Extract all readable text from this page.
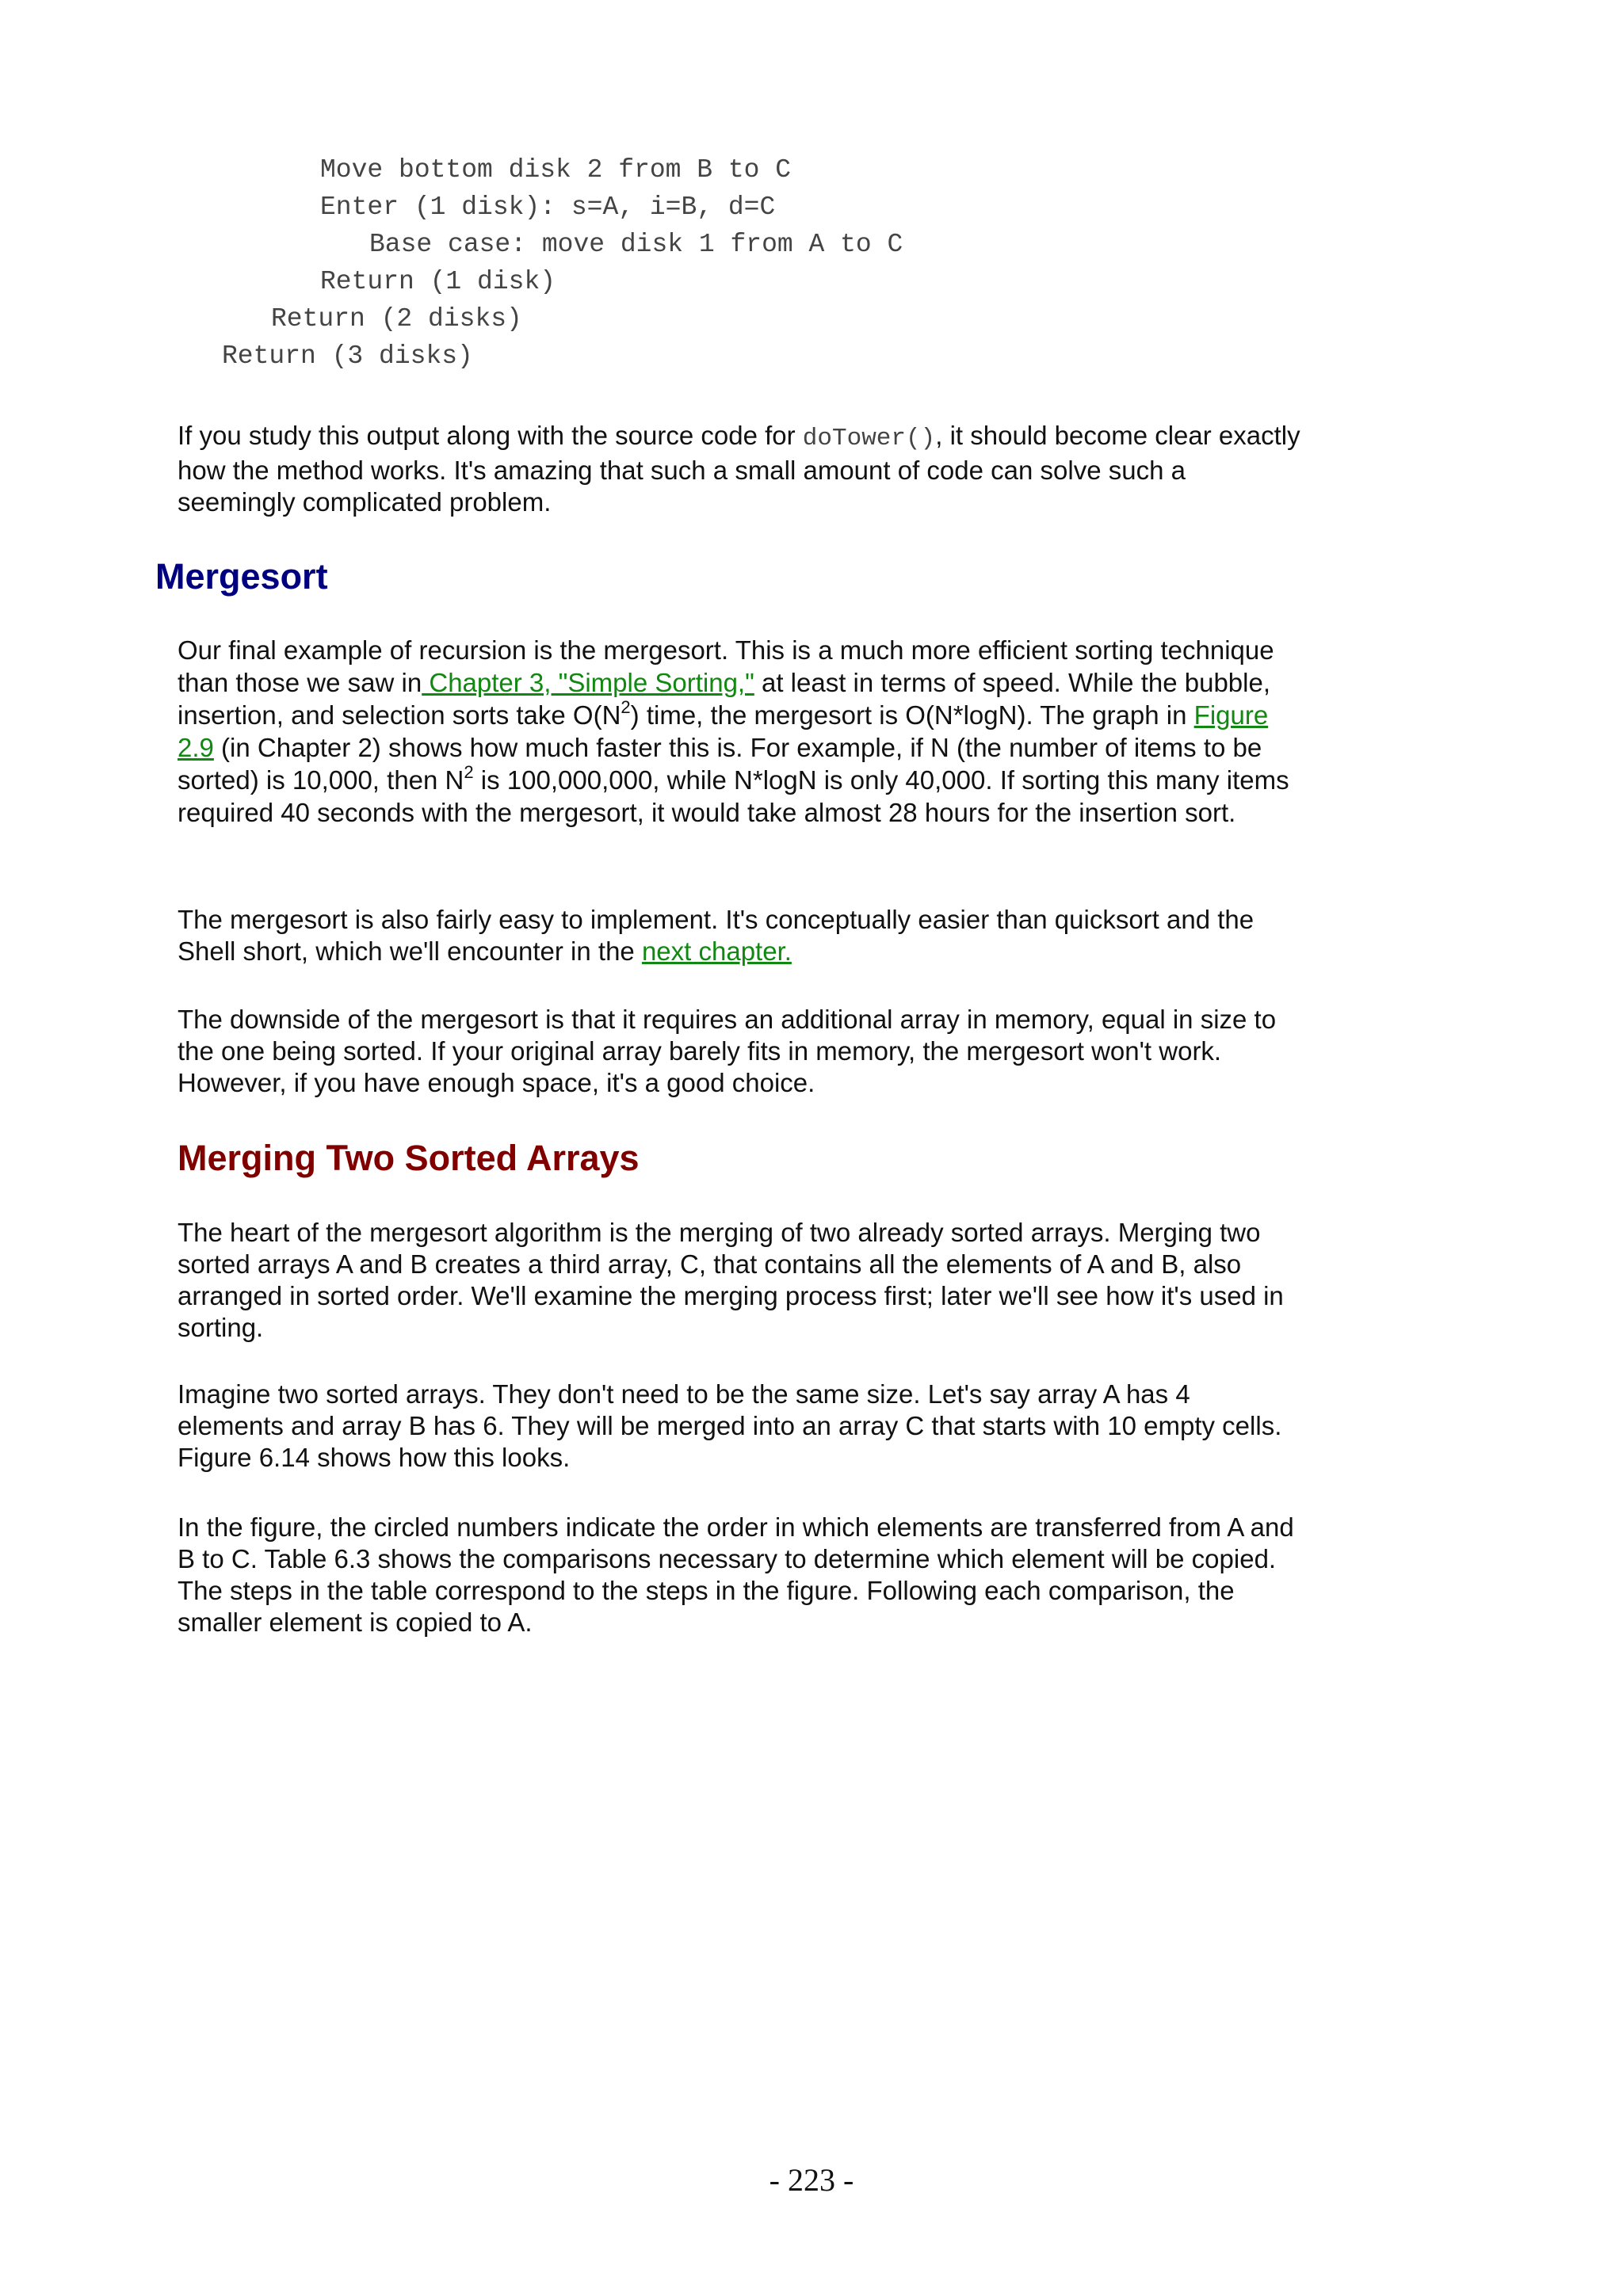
Move bottom disk 2 from B to C
Enter (1 disk): s=A, i=B, d=C
Base case: move disk 1 from A to C
Return (1 disk)
Return (2 disks)
Return (3 disks)
If you study this output along with the source code for doTower(), it should become clear exactly how the method works. It's amazing that such a small amount of code can solve such a seemingly complicated problem.
Mergesort
Our final example of recursion is the mergesort. This is a much more efficient sorting technique than those we saw in Chapter 3, "Simple Sorting," at least in terms of speed. While the bubble, insertion, and selection sorts take $O(N^2)$ time, the mergesort is O(N*logN). The graph in Figure 2.9 (in Chapter 2) shows how much faster this is. For example, if N (the number of items to be sorted) is 10,000, then $N^2$ is 100,000,000, while N*logN is only 40,000. If sorting this many items required 40 seconds with the mergesort, it would take almost 28 hours for the insertion sort.
The mergesort is also fairly easy to implement. It's conceptually easier than quicksort and the Shell short, which we'll encounter in the next chapter.
The downside of the mergesort is that it requires an additional array in memory, equal in size to the one being sorted. If your original array barely fits in memory, the mergesort won't work. However, if you have enough space, it's a good choice.
Merging Two Sorted Arrays
The heart of the mergesort algorithm is the merging of two already sorted arrays. Merging two sorted arrays A and B creates a third array, C, that contains all the elements of A and B, also arranged in sorted order. We'll examine the merging process first; later we'll see how it's used in sorting.
Imagine two sorted arrays. They don't need to be the same size. Let's say array A has 4 elements and array B has 6. They will be merged into an array C that starts with 10 empty cells. Figure 6.14 shows how this looks.
In the figure, the circled numbers indicate the order in which elements are transferred from A and B to C. Table 6.3 shows the comparisons necessary to determine which element will be copied. The steps in the table correspond to the steps in the figure. Following each comparison, the smaller element is copied to A.
- 223 -
